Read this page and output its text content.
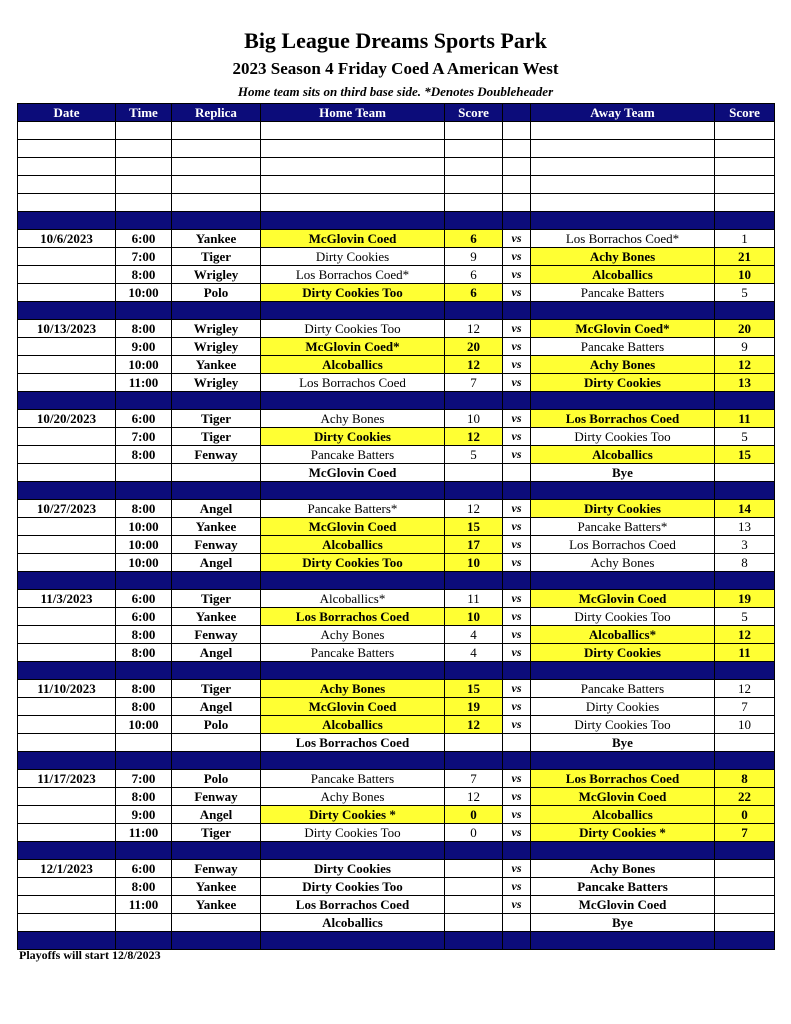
Big League Dreams Sports Park
2023 Season 4 Friday Coed A American West
Home team sits on third base side. *Denotes Doubleheader
Date	Time	Replica	Home Team	Score		Away Team	Score

10/6/2023	6:00	Yankee	McGlovin Coed	6	vs	Los Borrachos Coed*	1
	7:00	Tiger	Dirty Cookies	9	vs	Achy Bones	21
	8:00	Wrigley	Los Borrachos Coed*	6	vs	Alcoballics	10
	10:00	Polo	Dirty Cookies Too	6	vs	Pancake Batters	5

10/13/2023	8:00	Wrigley	Dirty Cookies Too	12	vs	McGlovin Coed*	20
	9:00	Wrigley	McGlovin Coed*	20	vs	Pancake Batters	9
	10:00	Yankee	Alcoballics	12	vs	Achy Bones	12
	11:00	Wrigley	Los Borrachos Coed	7	vs	Dirty Cookies	13

10/20/2023	6:00	Tiger	Achy Bones	10	vs	Los Borrachos Coed	11
	7:00	Tiger	Dirty Cookies	12	vs	Dirty Cookies Too	5
	8:00	Fenway	Pancake Batters	5	vs	Alcoballics	15
			McGlovin Coed			Bye	

10/27/2023	8:00	Angel	Pancake Batters*	12	vs	Dirty Cookies	14
	10:00	Yankee	McGlovin Coed	15	vs	Pancake Batters*	13
	10:00	Fenway	Alcoballics	17	vs	Los Borrachos Coed	3
	10:00	Angel	Dirty Cookies Too	10	vs	Achy Bones	8

11/3/2023	6:00	Tiger	Alcoballics*	11	vs	McGlovin Coed	19
	6:00	Yankee	Los Borrachos Coed	10	vs	Dirty Cookies Too	5
	8:00	Fenway	Achy Bones	4	vs	Alcoballics*	12
	8:00	Angel	Pancake Batters	4	vs	Dirty Cookies	11

11/10/2023	8:00	Tiger	Achy Bones	15	vs	Pancake Batters	12
	8:00	Angel	McGlovin Coed	19	vs	Dirty Cookies	7
	10:00	Polo	Alcoballics	12	vs	Dirty Cookies Too	10
			Los Borrachos Coed			Bye	

11/17/2023	7:00	Polo	Pancake Batters	7	vs	Los Borrachos Coed	8
	8:00	Fenway	Achy Bones	12	vs	McGlovin Coed	22
	9:00	Angel	Dirty Cookies *	0	vs	Alcoballics	0
	11:00	Tiger	Dirty Cookies Too	0	vs	Dirty Cookies *	7

12/1/2023	6:00	Fenway	Dirty Cookies		vs	Achy Bones	
	8:00	Yankee	Dirty Cookies Too		vs	Pancake Batters	
	11:00	Yankee	Los Borrachos Coed		vs	McGlovin Coed	
			Alcoballics			Bye	

Playoffs will start 12/8/2023
